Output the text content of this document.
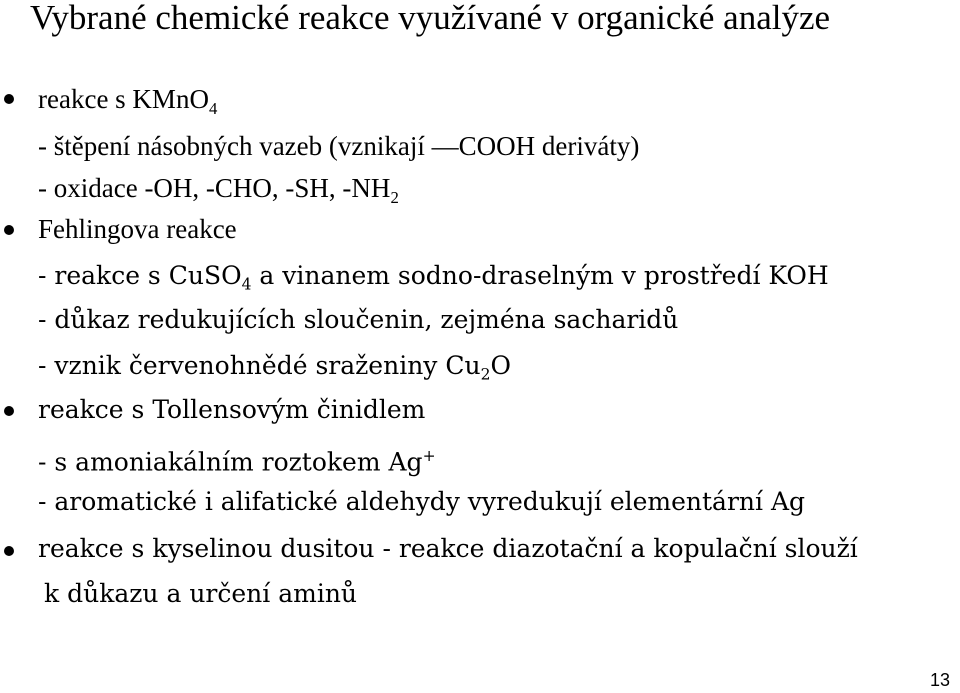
Vybrané chemické reakce využívané v organické analýze
reakce s KMnO$_4$
- štěpení násobných vazeb (vznikají —COOH deriváty)
- oxidace -OH, -CHO, -SH, $-NH_2$
Fehlingova reakce
- reakce s CuSO$_4$ a vinanem sodno-draselným v prostředí KOH
- důkaz redukujících sloučenin, zejména sacharidů
- vznik červenohnědé sraženiny $Cu_2O$
reakce s Tollensovým činidlem
- s amoniakálním roztokem Ag+
- aromatické i alifatické aldehydy vyredukují elementární Ag
reakce s kyselinou dusitou - reakce diazotační a kopulační slouží
k důkazu a určení aminů
13
